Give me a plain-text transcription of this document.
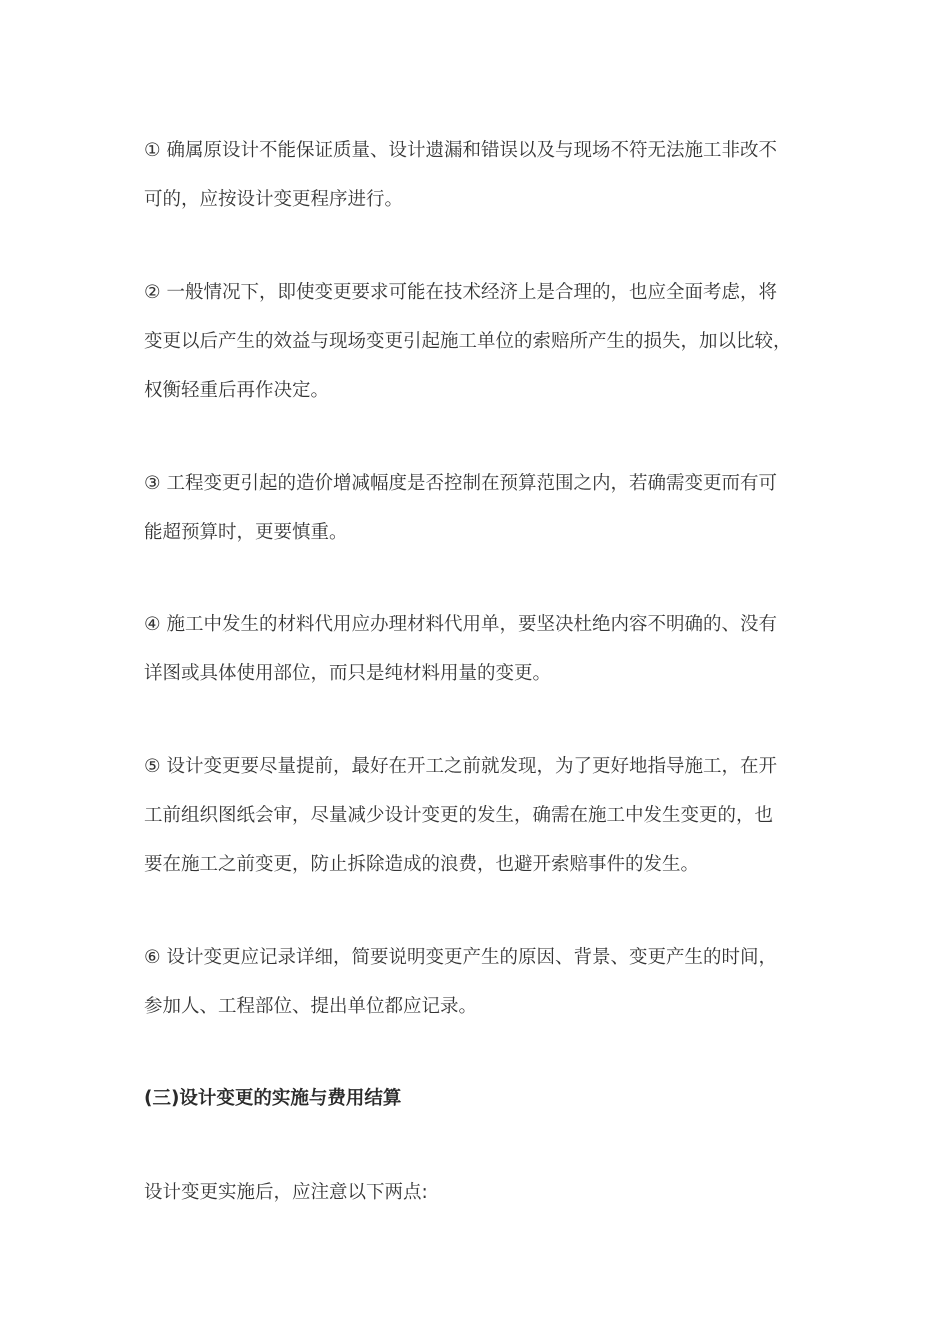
① 确属原设计不能保证质量、设计遗漏和错误以及与现场不符无法施工非改不
可的，应按设计变更程序进行。
② 一般情况下，即使变更要求可能在技术经济上是合理的，也应全面考虑，将
变更以后产生的效益与现场变更引起施工单位的索赔所产生的损失，加以比较，
权衡轻重后再作决定。
③ 工程变更引起的造价增减幅度是否控制在预算范围之内，若确需变更而有可
能超预算时，更要慎重。
④ 施工中发生的材料代用应办理材料代用单，要坚决杜绝内容不明确的、没有
详图或具体使用部位，而只是纯材料用量的变更。
⑤ 设计变更要尽量提前，最好在开工之前就发现，为了更好地指导施工，在开
工前组织图纸会审，尽量减少设计变更的发生，确需在施工中发生变更的，也
要在施工之前变更，防止拆除造成的浪费，也避开索赔事件的发生。
⑥ 设计变更应记录详细，简要说明变更产生的原因、背景、变更产生的时间，
参加人、工程部位、提出单位都应记录。
(三)设计变更的实施与费用结算
设计变更实施后，应注意以下两点:
